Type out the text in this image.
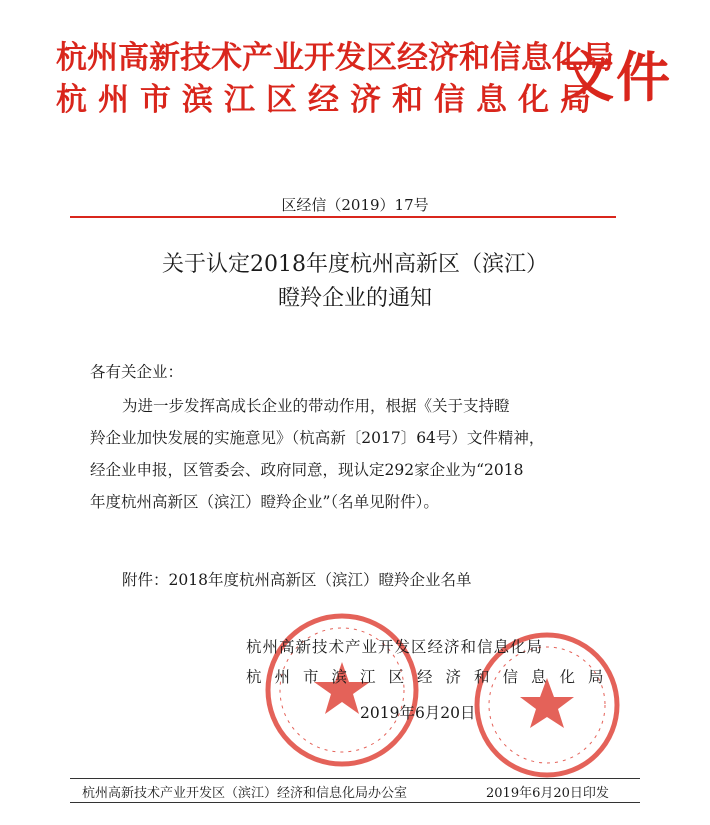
杭州高新技术产业开发区经济和信息化局
杭州市滨江区经济和信息化局
文件
区经信（2019）17号
关于认定2018年度杭州高新区（滨江）
瞪羚企业的通知
各有关企业：
为进一步发挥高成长企业的带动作用，根据《关于支持瞪
羚企业加快发展的实施意见》（杭高新〔2017〕64号）文件精神，
经企业申报，区管委会、政府同意，现认定292家企业为“2018
年度杭州高新区（滨江）瞪羚企业”（名单见附件）。
附件：2018年度杭州高新区（滨江）瞪羚企业名单
杭州高新技术产业开发区经济和信息化局
杭州市滨江区经济和信息化局
2019年6月20日
杭州高新技术产业开发区（滨江）经济和信息化局办公室	2019年6月20日印发
